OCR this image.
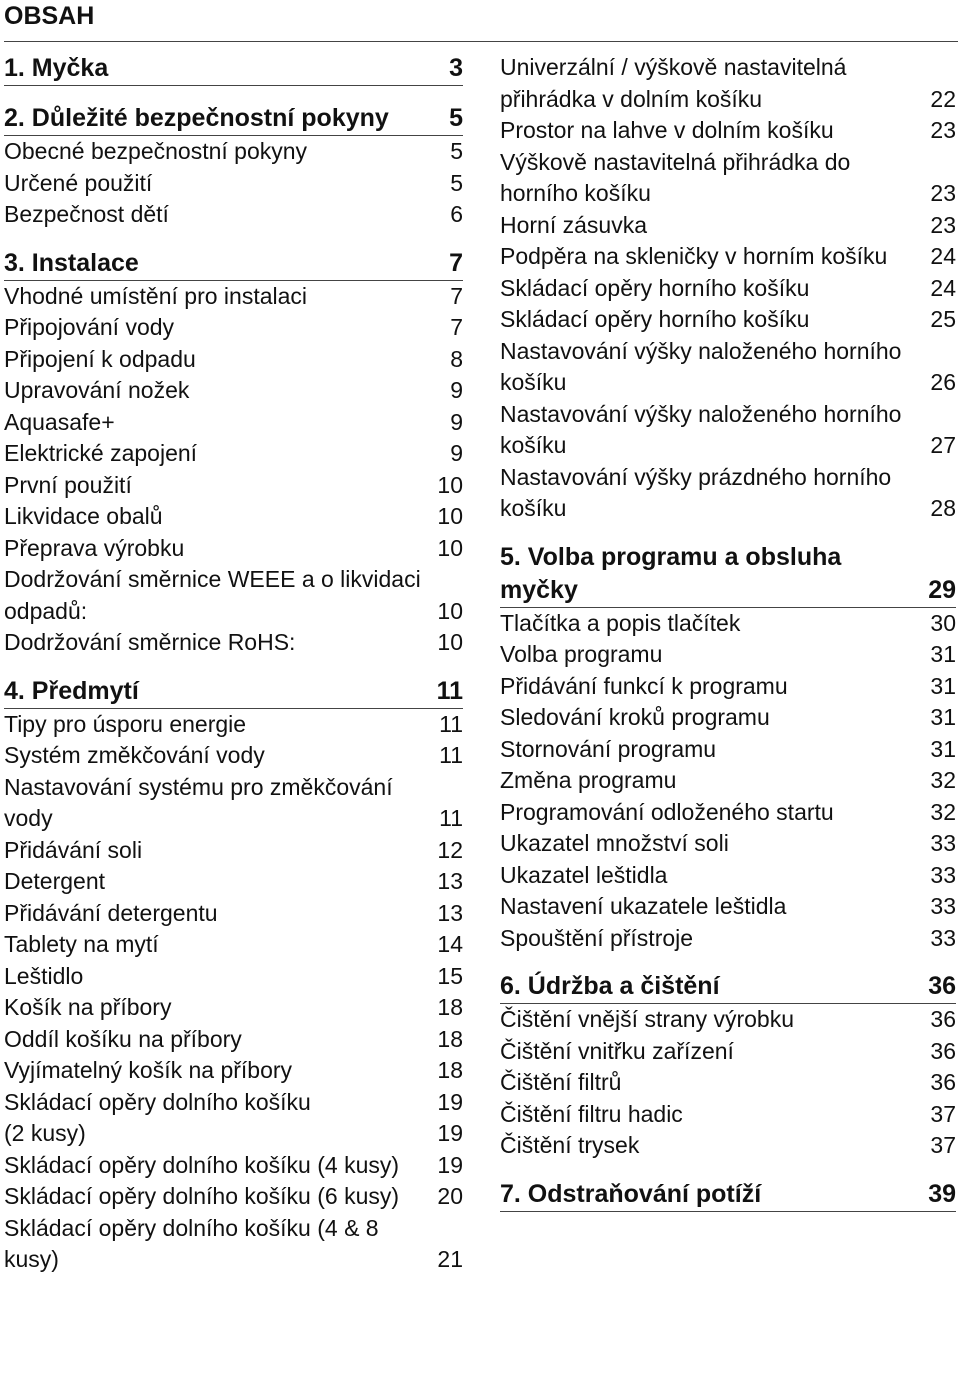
OBSAH
1. Myčka	3
2. Důležité bezpečnostní pokyny	5
Obecné bezpečnostní pokyny	5
Určené použití	5
Bezpečnost dětí	6
3. Instalace	7
Vhodné umístění pro instalaci	7
Připojování vody	7
Připojení k odpadu	8
Upravování nožek	9
Aquasafe+	9
Elektrické zapojení	9
První použití	10
Likvidace obalů	10
Přeprava výrobku	10
Dodržování směrnice WEEE a o likvidaci odpadů:	10
Dodržování směrnice RoHS:	10
4. Předmytí	11
Tipy pro úsporu energie	11
Systém změkčování vody	11
Nastavování systému pro změkčování vody	11
Přidávání soli	12
Detergent	13
Přidávání detergentu	13
Tablety na mytí	14
Leštidlo	15
Košík na příbory	18
Oddíl košíku na příbory	18
Vyjímatelný košík na příbory	18
Skládací opěry dolního košíku	19
(2 kusy)	19
Skládací opěry dolního košíku (4 kusy)	19
Skládací opěry dolního košíku (6 kusy)	20
Skládací opěry dolního košíku (4 & 8 kusy)	21
Univerzální / výškově nastavitelná přihrádka v dolním košíku	22
Prostor na lahve v dolním košíku	23
Výškově nastavitelná přihrádka do horního košíku	23
Horní zásuvka	23
Podpěra na skleničky v horním košíku	24
Skládací opěry horního košíku	24
Skládací opěry horního košíku	25
Nastavování výšky naloženého horního košíku	26
Nastavování výšky naloženého horního košíku	27
Nastavování výšky prázdného horního košíku	28
5. Volba programu a obsluha myčky	29
Tlačítka a popis tlačítek	30
Volba programu	31
Přidávání funkcí k programu	31
Sledování kroků programu	31
Stornování programu	31
Změna programu	32
Programování odloženého startu	32
Ukazatel množství soli	33
Ukazatel leštidla	33
Nastavení ukazatele leštidla	33
Spouštění přístroje	33
6. Údržba a čištění	36
Čištění vnější strany výrobku	36
Čištění vnitřku zařízení	36
Čištění filtrů	36
Čištění filtru hadic	37
Čištění trysek	37
7. Odstraňování potíží	39
